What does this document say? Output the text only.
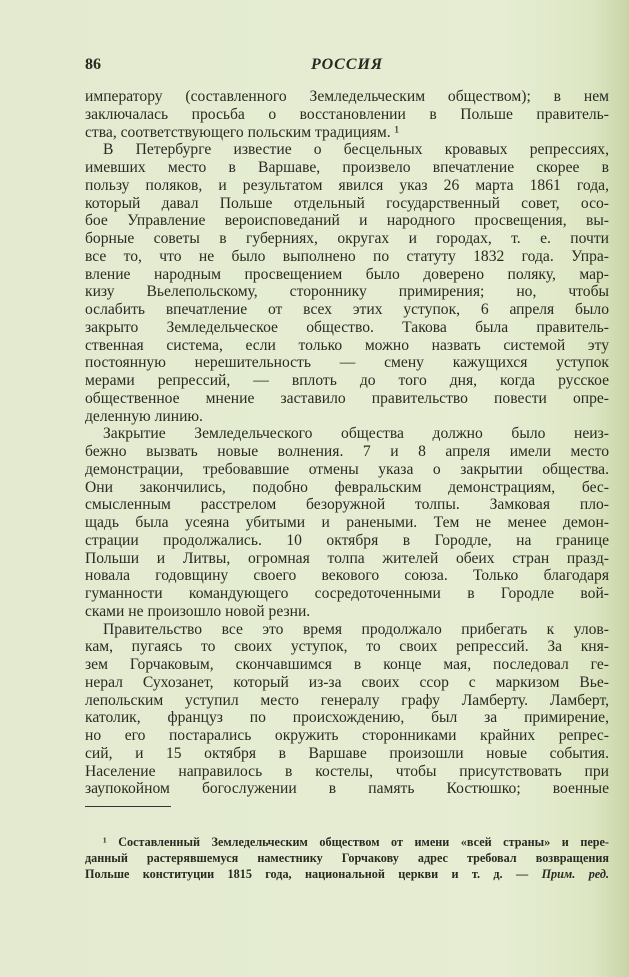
86	РОССИЯ
императору (составленного Земледельческим обществом); в нем
заключалась просьба о восстановлении в Польше правитель-
ства, соответствующего польским традициям. ¹
В Петербурге известие о бесцельных кровавых репрессиях,
имевших место в Варшаве, произвело впечатление скорее в
пользу поляков, и результатом явился указ 26 марта 1861 года,
который давал Польше отдельный государственный совет, осо-
бое Управление вероисповеданий и народного просвещения, вы-
борные советы в губерниях, округах и городах, т. е. почти
все то, что не было выполнено по статуту 1832 года. Упра-
вление народным просвещением было доверено поляку, мар-
кизу Вьелепольскому, стороннику примирения; но, чтобы
ослабить впечатление от всех этих уступок, 6 апреля было
закрыто Земледельческое общество. Такова была правитель-
ственная система, если только можно назвать системой эту
постоянную нерешительность — смену кажущихся уступок
мерами репрессий, — вплоть до того дня, когда русское
общественное мнение заставило правительство повести опре-
деленную линию.
Закрытие Земледельческого общества должно было неиз-
бежно вызвать новые волнения. 7 и 8 апреля имели место
демонстрации, требовавшие отмены указа о закрытии общества.
Они закончились, подобно февральским демонстрациям, бес-
смысленным расстрелом безоружной толпы. Замковая пло-
щадь была усеяна убитыми и ранеными. Тем не менее демон-
страции продолжались. 10 октября в Городле, на границе
Польши и Литвы, огромная толпа жителей обеих стран празд-
новала годовщину своего векового союза. Только благодаря
гуманности командующего сосредоточенными в Городле вой-
сками не произошло новой резни.
Правительство все это время продолжало прибегать к улов-
кам, пугаясь то своих уступок, то своих репрессий. За кня-
зем Горчаковым, скончавшимся в конце мая, последовал ге-
нерал Сухозанет, который из-за своих ссор с маркизом Вье-
лепольским уступил место генералу графу Ламберту. Ламберт,
католик, француз по происхождению, был за примирение,
но его постарались окружить сторонниками крайних репрес-
сий, и 15 октября в Варшаве произошли новые события.
Население направилось в костелы, чтобы присутствовать при
заупокойном богослужении в память Костюшко; военные
¹ Составленный Земледельческим обществом от имени «всей страны» и пере-
данный растерявшемуся наместнику Горчакову адрес требовал возвращения
Польше конституции 1815 года, национальной церкви и т. д. — Прим. ред.
